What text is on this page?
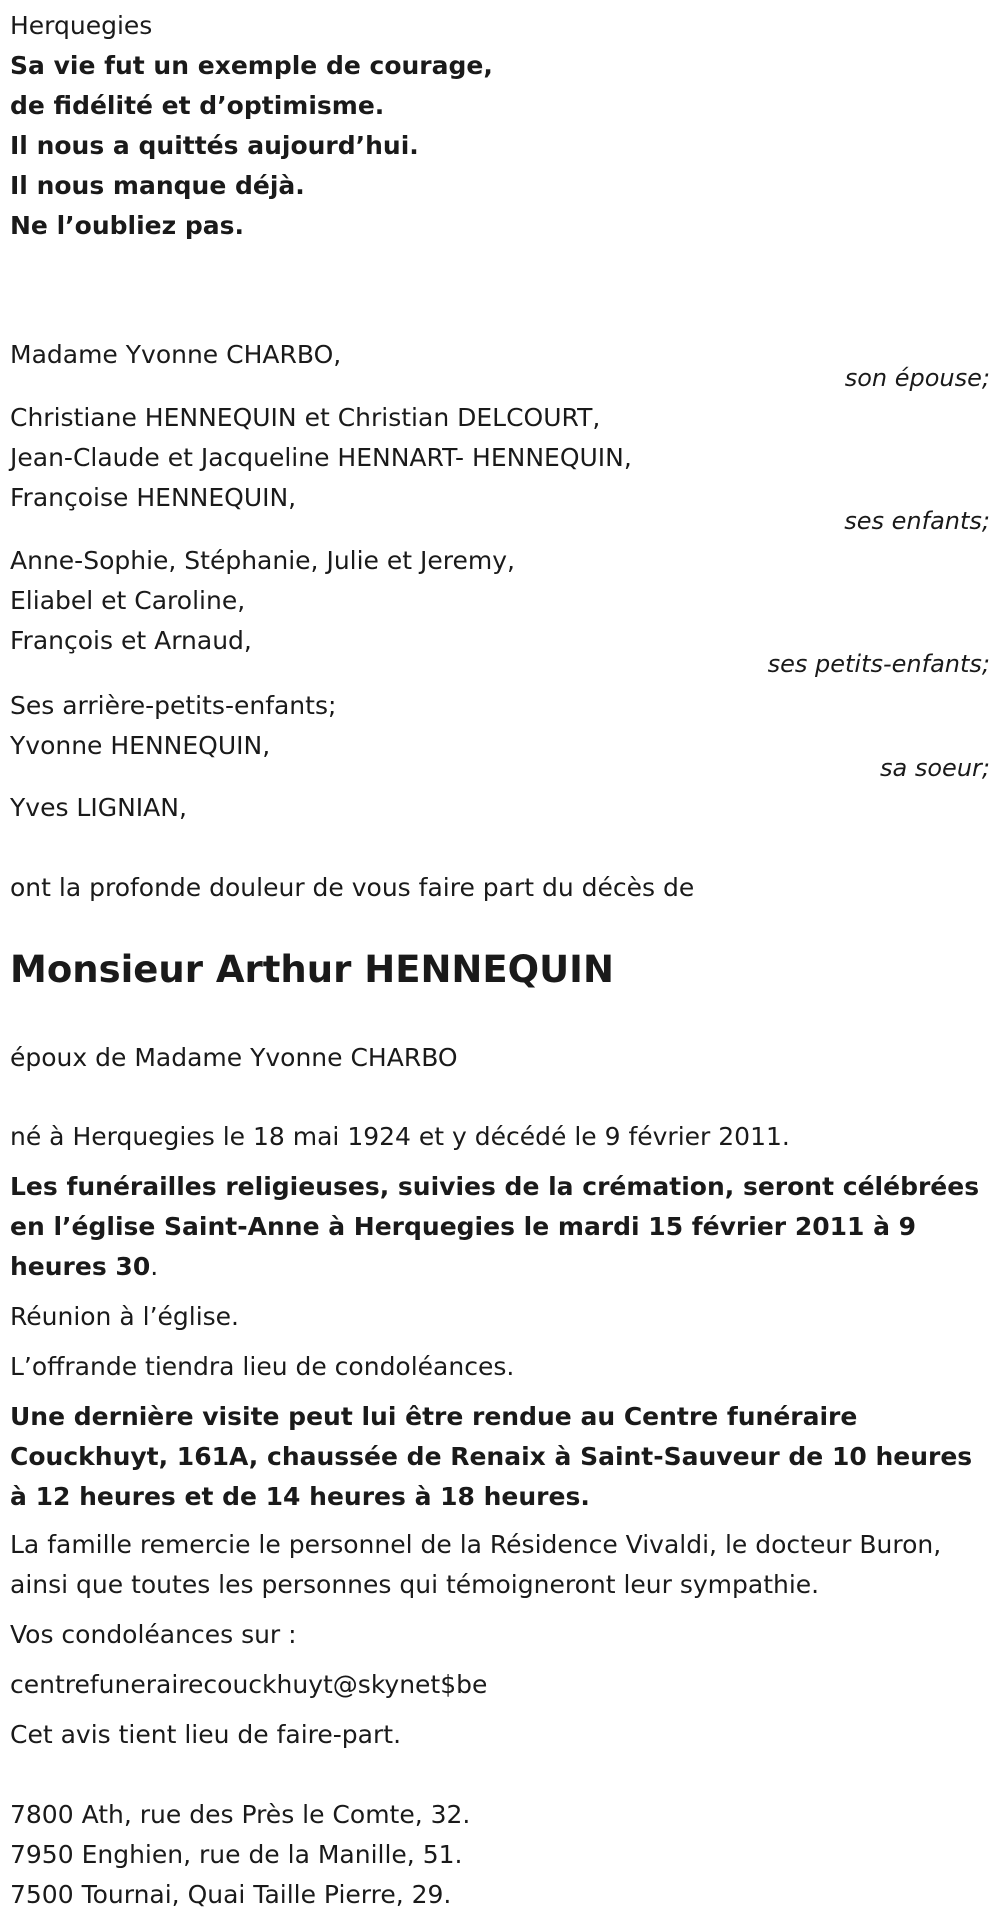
Herquegies
Sa vie fut un exemple de courage,
de fidélité et d’optimisme.
Il nous a quittés aujourd’hui.
Il nous manque déjà.
Ne l’oubliez pas.
Madame Yvonne CHARBO,
son épouse;
Christiane HENNEQUIN et Christian DELCOURT,
Jean-Claude et Jacqueline HENNART- HENNEQUIN,
Françoise HENNEQUIN,
ses enfants;
Anne-Sophie, Stéphanie, Julie et Jeremy,
Eliabel et Caroline,
François et Arnaud,
ses petits-enfants;
Ses arrière-petits-enfants;
Yvonne HENNEQUIN,
sa soeur;
Yves LIGNIAN,
ont la profonde douleur de vous faire part du décès de
Monsieur Arthur HENNEQUIN
époux de Madame Yvonne CHARBO
né à Herquegies le 18 mai 1924 et y décédé le 9 février 2011.
Les funérailles religieuses, suivies de la crémation, seront célébrées en l’église Saint-Anne à Herquegies le mardi 15 février 2011 à 9 heures 30.
Réunion à l’église.
L’offrande tiendra lieu de condoléances.
Une dernière visite peut lui être rendue au Centre funéraire Couckhuyt, 161A, chaussée de Renaix à Saint-Sauveur de 10 heures à 12 heures et de 14 heures à 18 heures.
La famille remercie le personnel de la Résidence Vivaldi, le docteur Buron, ainsi que toutes les personnes qui témoigneront leur sympathie.
Vos condoléances sur :
centrefunerairecouckhuyt@skynet$be
Cet avis tient lieu de faire-part.
7800 Ath, rue des Près le Comte, 32.
7950 Enghien, rue de la Manille, 51.
7500 Tournai, Quai Taille Pierre, 29.
